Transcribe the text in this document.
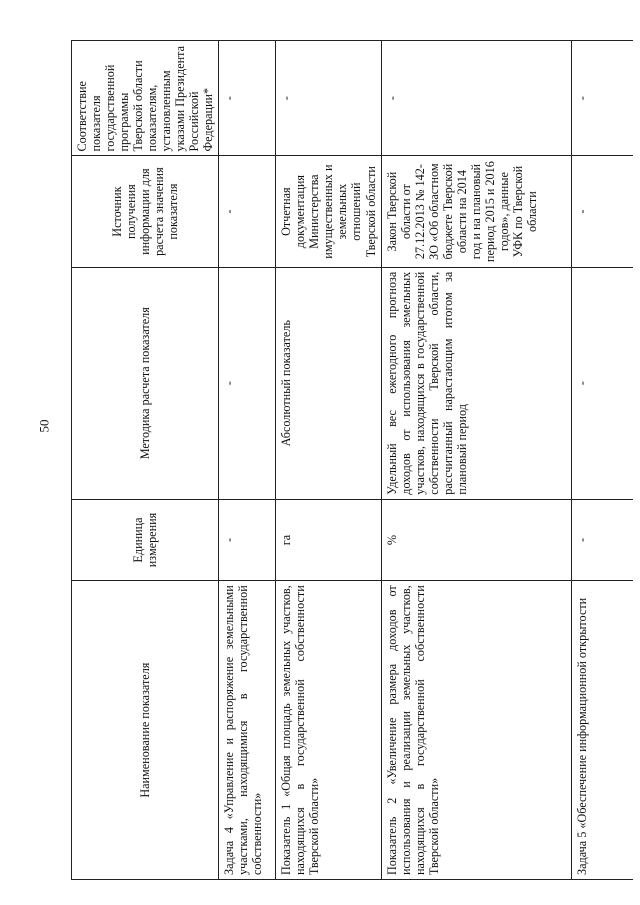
50
Наименование показателя	Единица измерения	Методика расчета показателя	Источник получения информации для расчета значения показателя	Соответствие показателя государственной программы Тверской области показателям, установленным указами Президента Российской Федерации*
Задача 4 «Управление и распоряжение земельными участками, находящимися в государственной собственности»	-	-	-	-
Показатель 1 «Общая площадь земельных участков, находящихся в государственной собственности Тверской области»	га	Абсолютный показатель	Отчетная документация Министерства имущественных и земельных отношений Тверской области	-
Показатель 2 «Увеличение размера доходов от использования и реализации земельных участков, находящихся в государственной собственности Тверской области»	%	Удельный вес ежегодного прогноза доходов от использования земельных участков, находящихся в государственной собственности Тверской области, рассчитанный нарастающим итогом за плановый период	Закон Тверской области от 27.12.2013 № 142-ЗО «Об областном бюджете Тверской области на 2014 год и на плановый период 2015 и 2016 годов», данные УФК по Тверской области	-
Задача 5 «Обеспечение информационной открытости	-	-	-	-
